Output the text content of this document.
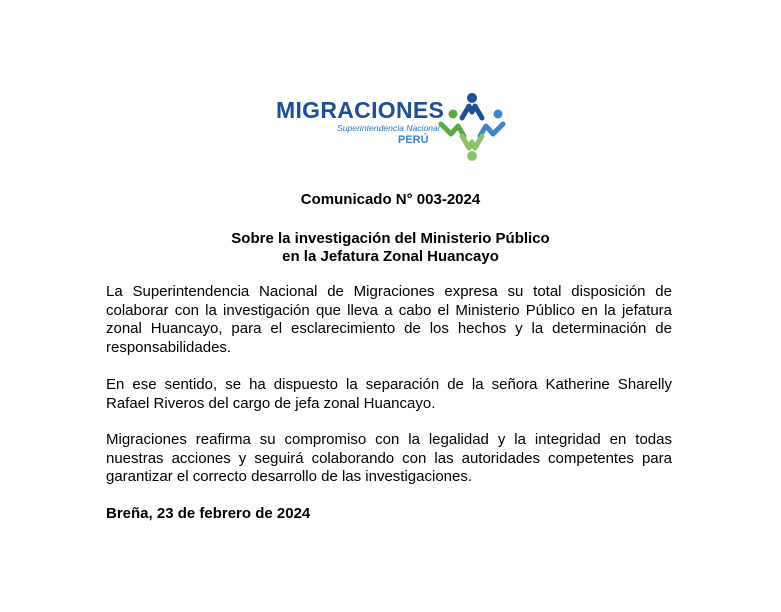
MIGRACIONES
Superintendencia Nacional
PERÚ
Comunicado N° 003-2024
Sobre la investigación del Ministerio Público
en la Jefatura Zonal Huancayo

La Superintendencia Nacional de Migraciones expresa su total disposición de colaborar con la investigación que lleva a cabo el Ministerio Público en la jefatura zonal Huancayo, para el esclarecimiento de los hechos y la determinación de responsabilidades.

En ese sentido, se ha dispuesto la separación de la señora Katherine Sharelly Rafael Riveros del cargo de jefa zonal Huancayo.

Migraciones reafirma su compromiso con la legalidad y la integridad en todas nuestras acciones y seguirá colaborando con las autoridades competentes para garantizar el correcto desarrollo de las investigaciones.

Breña, 23 de febrero de 2024
